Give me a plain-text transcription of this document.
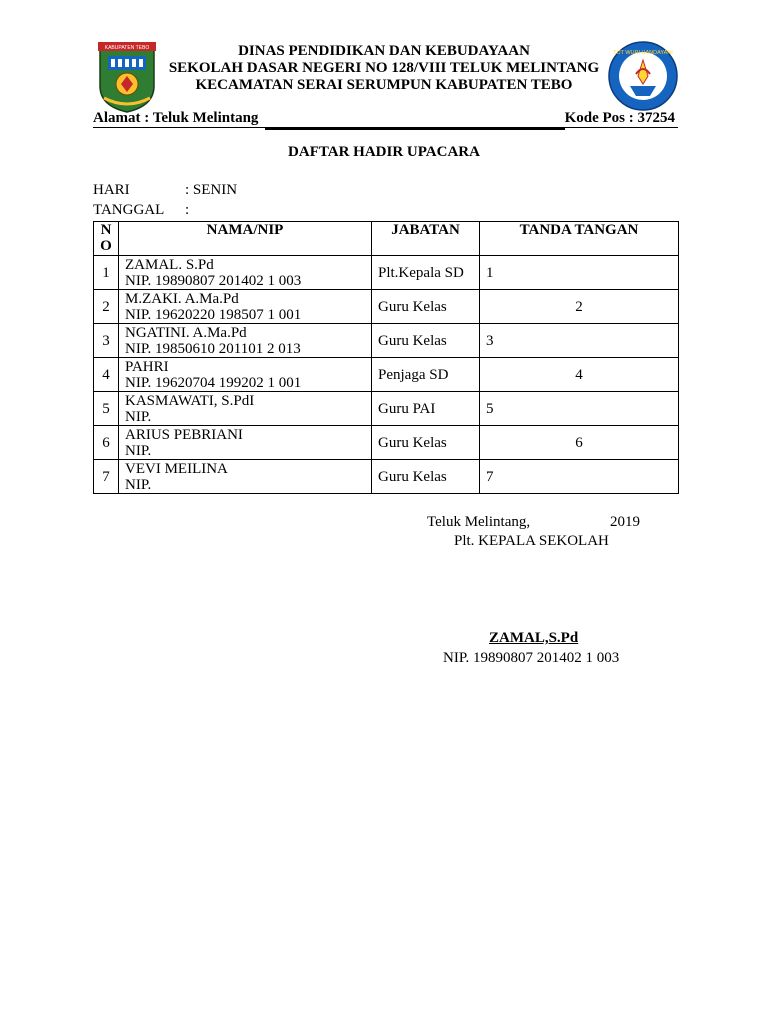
KABUPATEN TEBO
TUT WURI HANDAYANI
DINAS PENDIDIKAN DAN KEBUDAYAAN
SEKOLAH DASAR NEGERI NO 128/VIII TELUK MELINTANG
KECAMATAN SERAI SERUMPUN KABUPATEN TEBO
Alamat : Teluk Melintang	Kode Pos : 37254
DAFTAR HADIR UPACARA
HARI	: SENIN
TANGGAL :
N
O	NAMA/NIP	JABATAN	TANDA TANGAN
1	ZAMAL. S.Pd
NIP. 19890807 201402 1 003	Plt.Kepala SD	1
2	M.ZAKI. A.Ma.Pd
NIP. 19620220 198507 1 001	Guru Kelas	2
3	NGATINI. A.Ma.Pd
NIP. 19850610 201101 2 013	Guru Kelas	3
4	PAHRI
NIP. 19620704 199202 1 001	Penjaga SD	4
5	KASMAWATI, S.PdI
NIP.	Guru PAI	5
6	ARIUS PEBRIANI
NIP.	Guru Kelas	6
7	VEVI MEILINA
NIP.	Guru Kelas	7
Teluk Melintang,	2019
Plt. KEPALA SEKOLAH
ZAMAL,S.Pd
NIP. 19890807 201402 1 003
